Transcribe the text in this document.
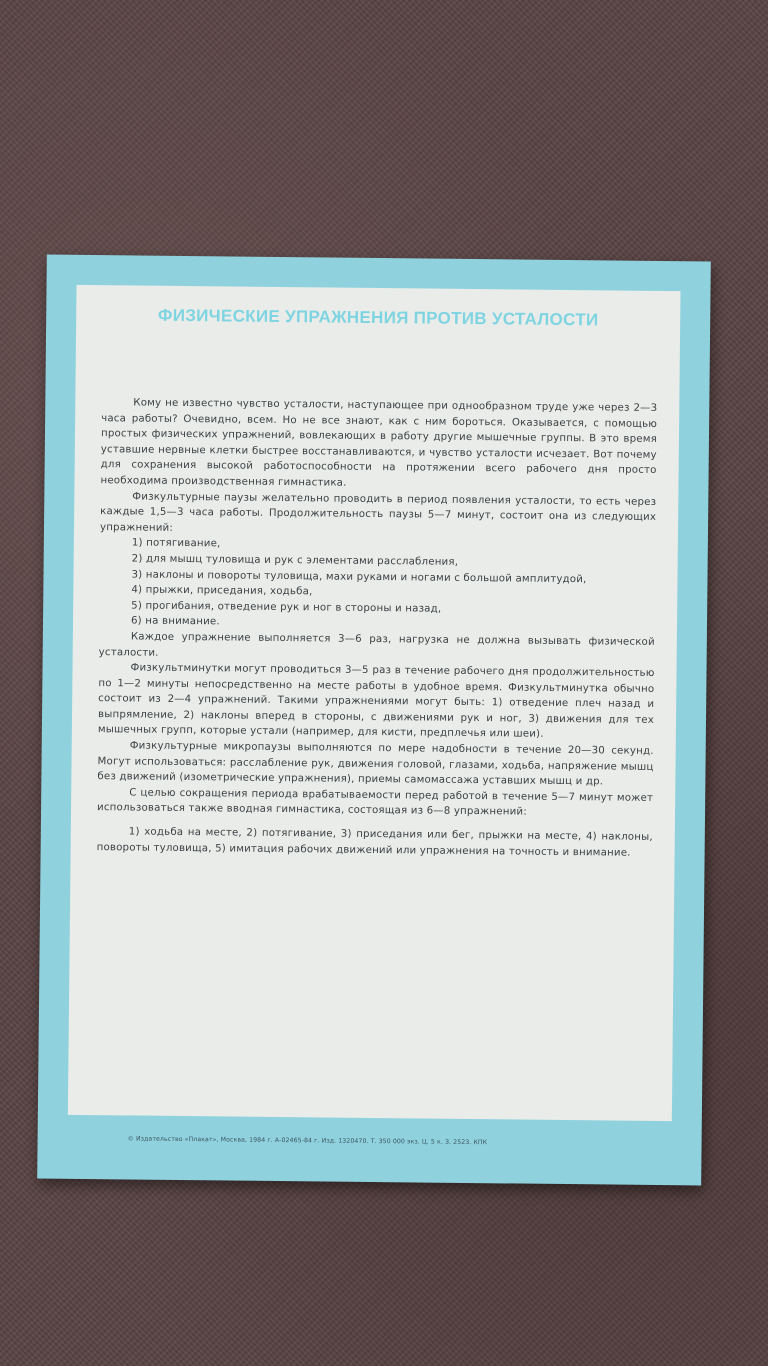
ФИЗИЧЕСКИЕ УПРАЖНЕНИЯ ПРОТИВ УСТАЛОСТИ

Кому не известно чувство усталости, наступающее при однообразном труде уже через 2—3 часа работы? Очевидно, всем. Но не все знают, как с ним бороться. Оказывается, с помощью простых физических упражнений, вовлекающих в работу другие мышечные группы. В это время уставшие нервные клетки быстрее восстанавливаются, и чувство усталости исчезает. Вот почему для сохранения высокой работоспособности на протяжении всего рабочего дня просто необходима производственная гимнастика.

Физкультурные паузы желательно проводить в период появления усталости, то есть через каждые 1,5—3 часа работы. Продолжительность паузы 5—7 минут, состоит она из следующих упражнений:

1) потягивание,

2) для мышц туловища и рук с элементами расслабления,

3) наклоны и повороты туловища, махи руками и ногами с большой амплитудой,

4) прыжки, приседания, ходьба,

5) прогибания, отведение рук и ног в стороны и назад,

6) на внимание.

Каждое упражнение выполняется 3—6 раз, нагрузка не должна вызывать физической усталости.

Физкультминутки могут проводиться 3—5 раз в течение рабочего дня продолжительностью по 1—2 минуты непосредственно на месте работы в удобное время. Физкультминутка обычно состоит из 2—4 упражнений. Такими упражнениями могут быть: 1) отведение плеч назад и выпрямление, 2) наклоны вперед в стороны, с движениями рук и ног, 3) движения для тех мышечных групп, которые устали (например, для кисти, предплечья или шеи).

Физкультурные микропаузы выполняются по мере надобности в течение 20—30 секунд. Могут использоваться: расслабление рук, движения головой, глазами, ходьба, напряжение мышц без движений (изометрические упражнения), приемы самомассажа уставших мышц и др.

С целью сокращения периода врабатываемости перед работой в течение 5—7 минут может использоваться также вводная гимнастика, состоящая из 6—8 упражнений:

1) ходьба на месте, 2) потягивание, 3) приседания или бег, прыжки на месте, 4) наклоны, повороты туловища, 5) имитация рабочих движений или упражнения на точность и внимание.

© Издательство «Плакат», Москва, 1984 г. А-02465-84 г. Изд. 1320470. Т. 350 000 экз. Ц. 5 к. З. 2523. КПК
